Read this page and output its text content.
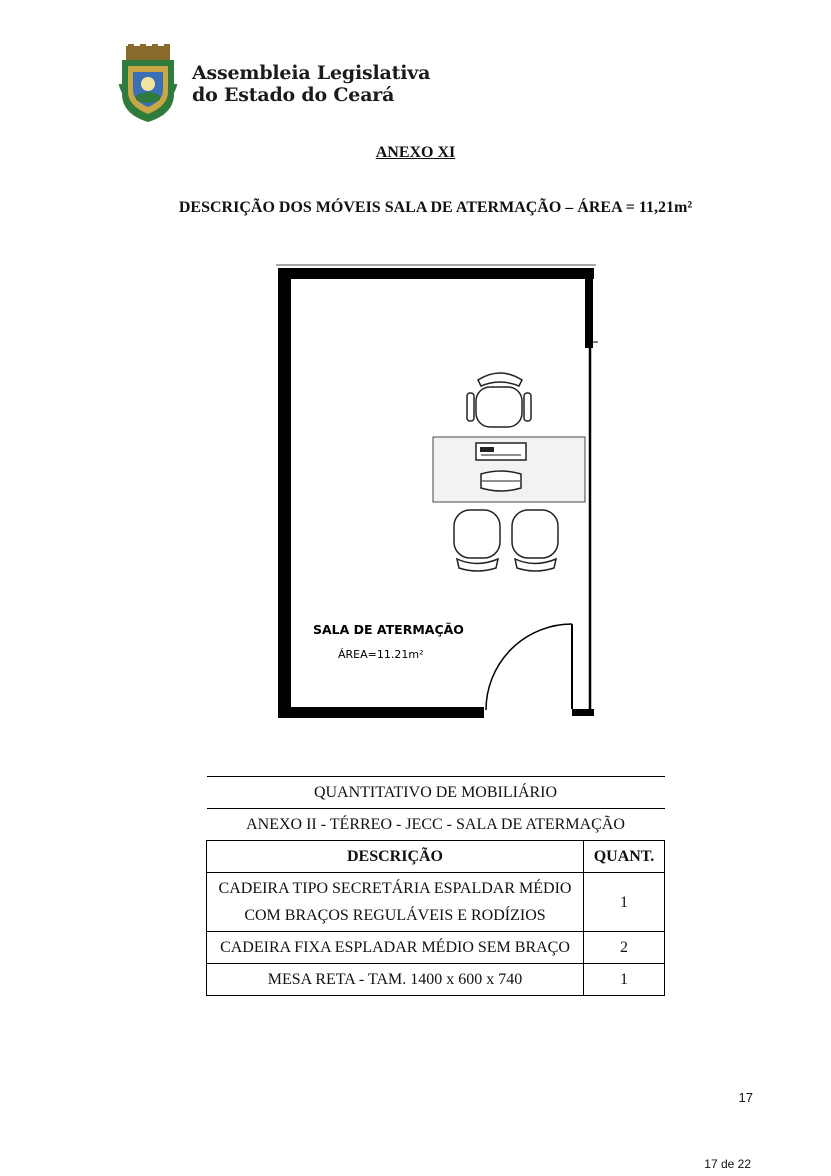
Assembleia Legislativa
do Estado do Ceará
ANEXO XI
DESCRIÇÃO DOS MÓVEIS SALA DE ATERMAÇÃO – ÁREA = 11,21m²
SALA DE ATERMAÇÃO
ÁREA=11.21m²
QUANTITATIVO DE MOBILIÁRIO	
ANEXO II - TÉRREO - JECC - SALA DE ATERMAÇÃO	
DESCRIÇÃO	QUANT.
CADEIRA TIPO SECRETÁRIA ESPALDAR MÉDIO COM BRAÇOS REGULÁVEIS E RODÍZIOS	1
CADEIRA FIXA ESPLADAR MÉDIO SEM BRAÇO	2
MESA RETA - TAM. 1400 x 600 x 740	1
17
17 de 22
